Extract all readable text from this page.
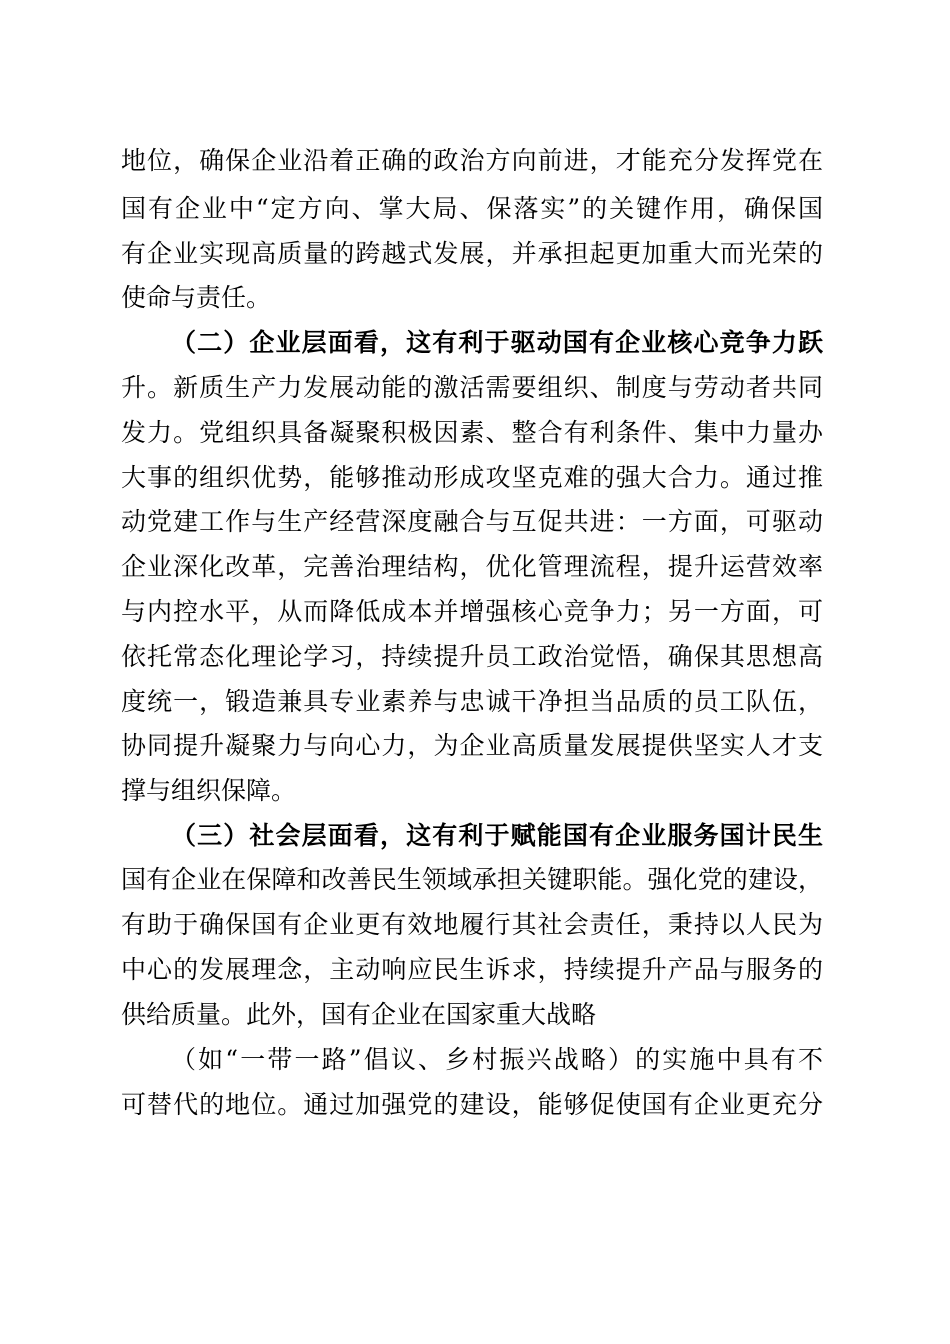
地位，确保企业沿着正确的政治方向前进，才能充分发挥党在
国有企业中“定方向、掌大局、保落实”的关键作用，确保国
有企业实现高质量的跨越式发展，并承担起更加重大而光荣的
使命与责任。
（二）企业层面看，这有利于驱动国有企业核心竞争力跃
升。新质生产力发展动能的激活需要组织、制度与劳动者共同
发力。党组织具备凝聚积极因素、整合有利条件、集中力量办
大事的组织优势，能够推动形成攻坚克难的强大合力。通过推
动党建工作与生产经营深度融合与互促共进：一方面，可驱动
企业深化改革，完善治理结构，优化管理流程，提升运营效率
与内控水平，从而降低成本并增强核心竞争力；另一方面，可
依托常态化理论学习，持续提升员工政治觉悟，确保其思想高
度统一，锻造兼具专业素养与忠诚干净担当品质的员工队伍，
协同提升凝聚力与向心力，为企业高质量发展提供坚实人才支
撑与组织保障。
（三）社会层面看，这有利于赋能国有企业服务国计民生
国有企业在保障和改善民生领域承担关键职能。强化党的建设，
有助于确保国有企业更有效地履行其社会责任，秉持以人民为
中心的发展理念，主动响应民生诉求，持续提升产品与服务的
供给质量。此外，国有企业在国家重大战略
（如“一带一路”倡议、乡村振兴战略）的实施中具有不
可替代的地位。通过加强党的建设，能够促使国有企业更充分
